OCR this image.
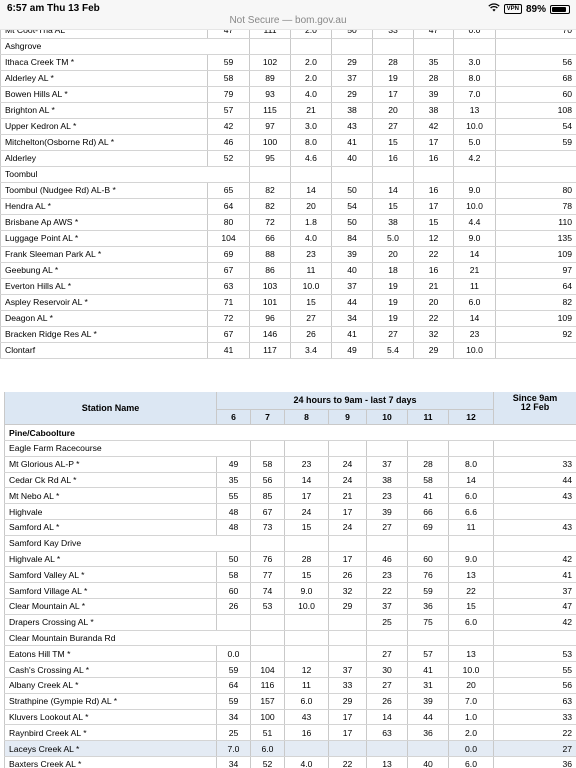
6:57 am Thu 13 Feb	VPN 89%
Not Secure — bom.gov.au

Ashgrove								
Ithaca Creek TM *	59	102	2.0	29	28	35	3.0	56
Alderley AL *	58	89	2.0	37	19	28	8.0	68
Bowen Hills AL *	79	93	4.0	29	17	39	7.0	60
Brighton AL *	57	115	21	38	20	38	13	108
Upper Kedron AL *	42	97	3.0	43	27	42	10.0	54
Mitchelton(Osborne Rd) AL *	46	100	8.0	41	15	17	5.0	59
Alderley	52	95	4.6	40	16	16	4.2	
Toombul								
Toombul (Nudgee Rd) AL-B *	65	82	14	50	14	16	9.0	80
Hendra AL *	64	82	20	54	15	17	10.0	78
Brisbane Ap AWS *	80	72	1.8	50	38	15	4.4	110
Luggage Point AL *	104	66	4.0	84	5.0	12	9.0	135
Frank Sleeman Park AL *	69	88	23	39	20	22	14	109
Geebung AL *	67	86	11	40	18	16	21	97
Everton Hills AL *	63	103	10.0	37	19	21	11	64
Aspley Reservoir AL *	71	101	15	44	19	20	6.0	82
Deagon AL *	72	96	27	34	19	22	14	109
Bracken Ridge Res AL *	67	146	26	41	27	32	23	92
Clontarf	41	117	3.4	49	5.4	29	10.0	
Station Name	24 hours to 9am - last 7 days							Since 9am
12 Feb
	6	7	8	9	10	11	12	
Pine/Caboolture								
Eagle Farm Racecourse								
Mt Glorious AL-P *	49	58	23	24	37	28	8.0	33
Cedar Ck Rd AL *	35	56	14	24	38	58	14	44
Mt Nebo AL *	55	85	17	21	23	41	6.0	43
Highvale	48	67	24	17	39	66	6.6	
Samford AL *	48	73	15	24	27	69	11	43
Samford Kay Drive								
Highvale AL *	50	76	28	17	46	60	9.0	42
Samford Valley AL *	58	77	15	26	23	76	13	41
Samford Village AL *	60	74	9.0	32	22	59	22	37
Clear Mountain AL *	26	53	10.0	29	37	36	15	47
Drapers Crossing AL *					25	75	6.0	42
Clear Mountain Buranda Rd								
Eatons Hill TM *	0.0				27	57	13	53
Cash's Crossing AL *	59	104	12	37	30	41	10.0	55
Albany Creek AL *	64	116	11	33	27	31	20	56
Strathpine (Gympie Rd) AL *	59	157	6.0	29	26	39	7.0	63
Kluvers Lookout AL *	34	100	43	17	14	44	1.0	33
Raynbird Creek AL *	25	51	16	17	63	36	2.0	22
Laceys Creek AL *	7.0	6.0					0.0	27
Baxters Creek AL *	34	52	4.0	22	13	40	6.0	36
